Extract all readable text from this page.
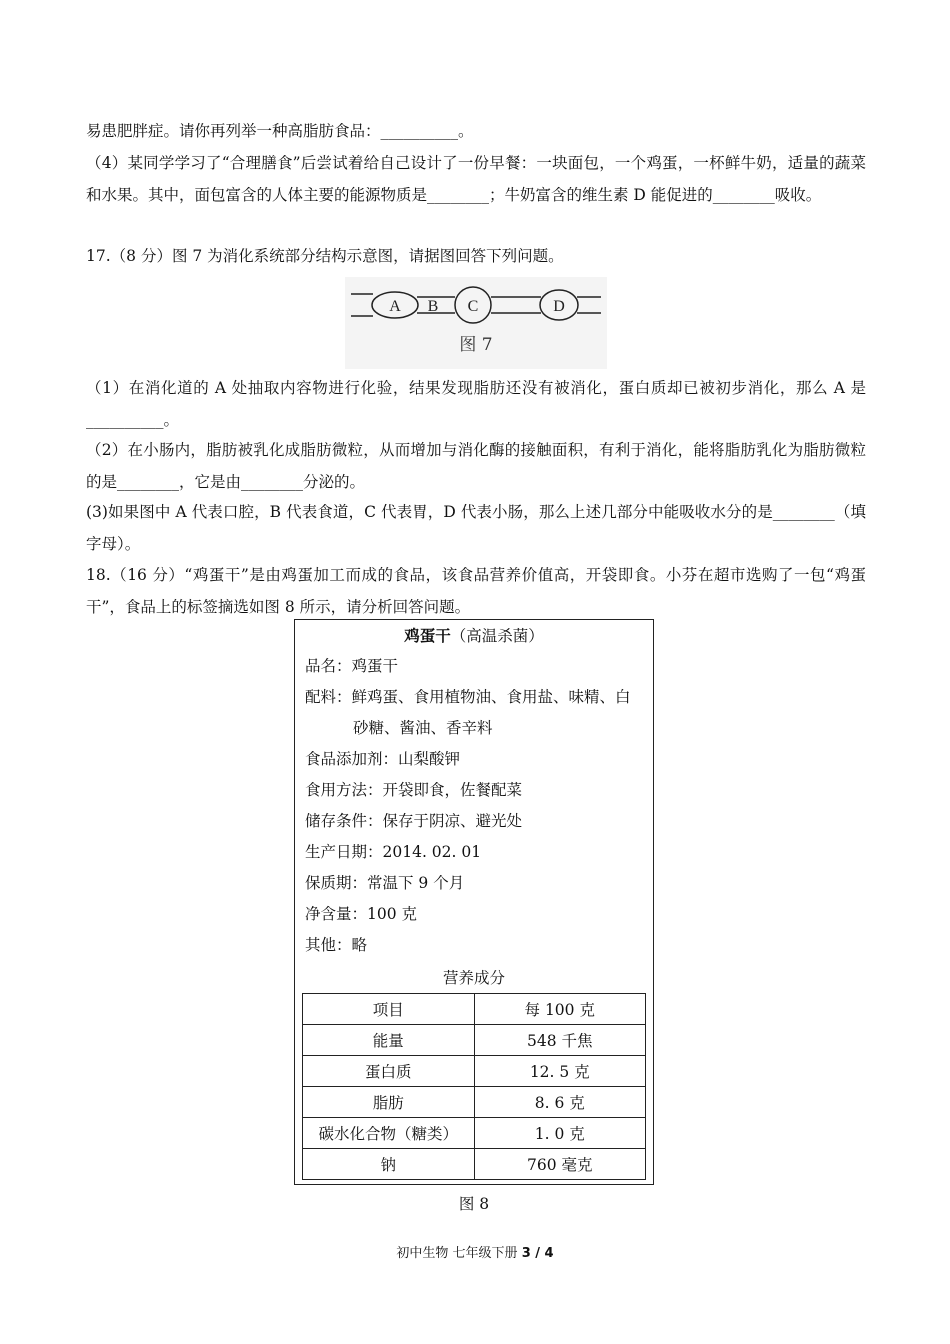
易患肥胖症。请你再列举一种高脂肪食品：__________。
（4）某同学学习了“合理膳食”后尝试着给自己设计了一份早餐：一块面包，一个鸡蛋，一杯鲜牛奶，适量的蔬菜和水果。其中，面包富含的人体主要的能源物质是________；牛奶富含的维生素 D 能促进的________吸收。
17.（8 分）图 7 为消化系统部分结构示意图，请据图回答下列问题。
A B C	D
图 7
（1）在消化道的 A 处抽取内容物进行化验，结果发现脂肪还没有被消化，蛋白质却已被初步消化，那么 A 是__________。
（2）在小肠内，脂肪被乳化成脂肪微粒，从而增加与消化酶的接触面积，有利于消化，能将脂肪乳化为脂肪微粒的是________，它是由________分泌的。
(3)如果图中 A 代表口腔，B 代表食道，C 代表胃，D 代表小肠，那么上述几部分中能吸收水分的是________（填字母）。
18.（16 分）“鸡蛋干”是由鸡蛋加工而成的食品，该食品营养价值高，开袋即食。小芬在超市选购了一包“鸡蛋干”，食品上的标签摘选如图 8 所示，请分析回答问题。
鸡蛋干（高温杀菌）
品名：鸡蛋干
配料：鲜鸡蛋、食用植物油、食用盐、味精、白
砂糖、酱油、香辛料
食品添加剂：山梨酸钾
食用方法：开袋即食，佐餐配菜
储存条件：保存于阴凉、避光处
生产日期：2014. 02. 01
保质期：常温下 9 个月
净含量：100 克
其他：略
营养成分
项目	每 100 克
能量	548 千焦
蛋白质	12. 5 克
脂肪	8. 6 克
碳水化合物（糖类）	1. 0 克
钠	760 毫克
图 8
初中生物 七年级下册 3 / 4
